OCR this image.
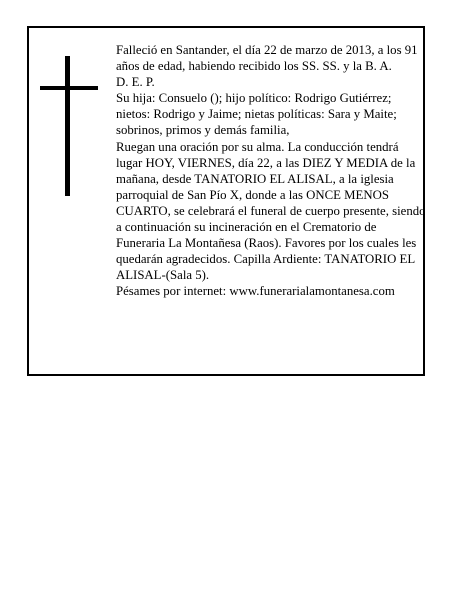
Falleció en Santander, el día 22 de marzo de 2013, a los 91 años de edad, habiendo recibido los SS. SS. y la B. A.

D. E. P.

Su hija: Consuelo (); hijo político: Rodrigo Gutiérrez; nietos: Rodrigo y Jaime; nietas políticas: Sara y Maite; sobrinos, primos y demás familia,

Ruegan una oración por su alma. La conducción tendrá lugar HOY, VIERNES, día 22, a las DIEZ Y MEDIA de la mañana, desde TANATORIO EL ALISAL, a la iglesia parroquial de San Pío X, donde a las ONCE MENOS CUARTO, se celebrará el funeral de cuerpo presente, siendo a continuación su incineración en el Crematorio de Funeraria La Montañesa (Raos). Favores por los cuales les quedarán agradecidos. Capilla Ardiente: TANATORIO EL ALISAL-(Sala 5).

Pésames por internet: www.funerarialamontanesa.com
